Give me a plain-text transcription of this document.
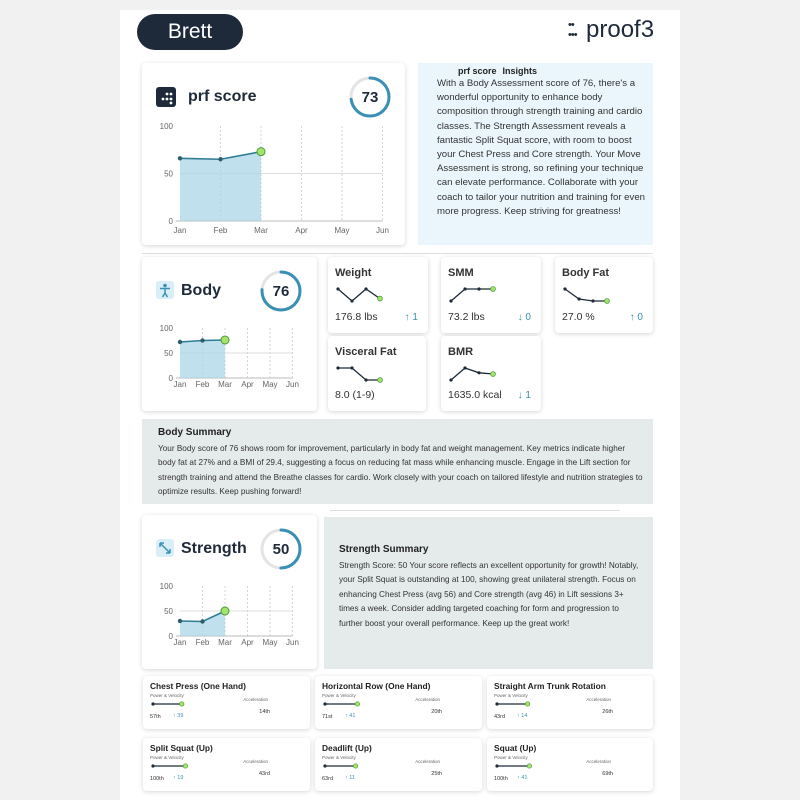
Brett	••
••• proof3
prf score	73
0
50
100
Jan	Feb	Mar	Apr	May	Jun
prf score Insights
With a Body Assessment score of 76, there's a wonderful opportunity to enhance body composition through strength training and cardio classes. The Strength Assessment reveals a fantastic Split Squat score, with room to boost your Chest Press and Core strength. Your Move Assessment is strong, so refining your technique can elevate performance. Collaborate with your coach to tailor your nutrition and training for even more progress. Keep striving for greatness!
Body	76
0
50
100
Jan Feb Mar Apr May Jun
Weight
176.8 lbs	↑ 1
SMM
73.2 lbs	↓ 0
Body Fat
27.0 %	↑ 0
Visceral Fat
8.0 (1-9)
BMR
1635.0 kcal ↓ 1
Body Summary
Your Body score of 76 shows room for improvement, particularly in body fat and weight management. Key metrics indicate higher body fat at 27% and a BMI of 29.4, suggesting a focus on reducing fat mass while enhancing muscle. Engage in the Lift section for strength training and attend the Breathe classes for cardio. Work closely with your coach on tailored lifestyle and nutrition strategies to optimize results. Keep pushing forward!
Strength	50
0
50
100
Jan Feb Mar Apr May Jun
Strength Summary
Strength Score: 50 Your score reflects an excellent opportunity for growth! Notably, your Split Squat is outstanding at 100, showing great unilateral strength. Focus on enhancing Chest Press (avg 56) and Core strength (avg 46) in Lift sessions 3+ times a week. Consider adding targeted coaching for form and progression to further boost your overall performance. Keep up the great work!
Chest Press (One Hand)
Power & Velocity
Acceleration
14th
57th ↑ 39
Horizontal Row (One Hand)
Power & Velocity
Acceleration
20th
71st ↑ 41
Straight Arm Trunk Rotation
Power & Velocity
Acceleration
26th
43rd ↑ 14
Split Squat (Up)
Power & Velocity
Acceleration
43rd
100th ↑ 19
Deadlift (Up)
Power & Velocity
Acceleration
25th
63rd ↑ 11
Squat (Up)
Power & Velocity
Acceleration
69th
100th ↑ 41
